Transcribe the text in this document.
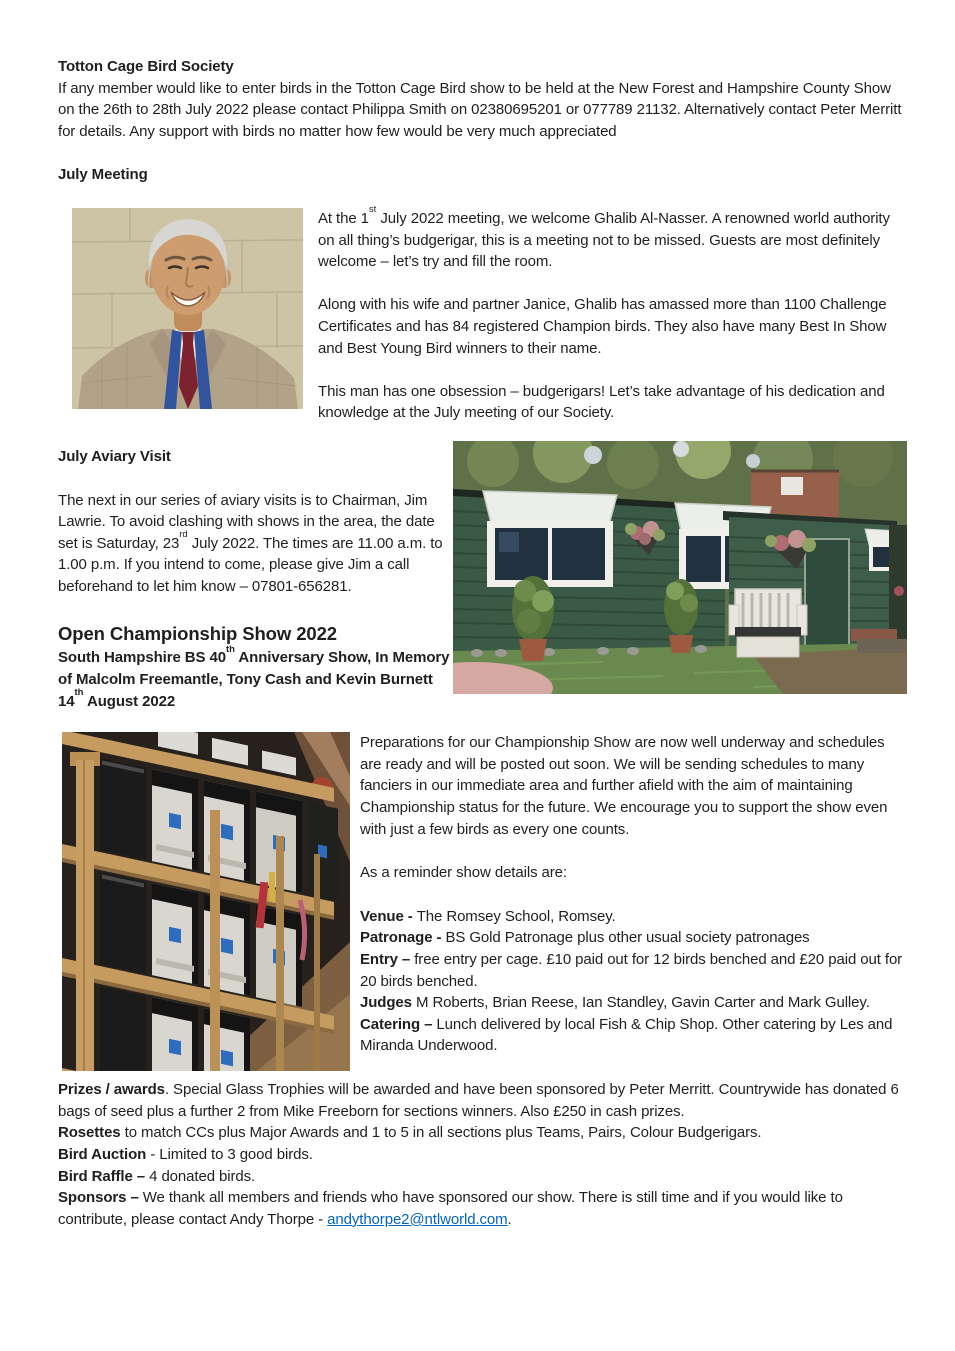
Totton Cage Bird Society

If any member would like to enter birds in the Totton Cage Bird show to be held at the New Forest and Hampshire County Show on the 26th to 28th July 2022 please contact Philippa Smith on 02380695201 or 077789 21132. Alternatively contact Peter Merritt for details. Any support with birds no matter how few would be very much appreciated

July Meeting

At the 1st July 2022 meeting, we welcome Ghalib Al-Nasser. A renowned world authority on all thing’s budgerigar, this is a meeting not to be missed. Guests are most definitely welcome – let’s try and fill the room.

Along with his wife and partner Janice, Ghalib has amassed more than 1100 Challenge Certificates and has 84 registered Champion birds. They also have many Best In Show and Best Young Bird winners to their name.

This man has one obsession – budgerigars! Let’s take advantage of his dedication and knowledge at the July meeting of our Society.

July Aviary Visit

The next in our series of aviary visits is to Chairman, Jim Lawrie. To avoid clashing with shows in the area, the date set is Saturday, 23rd July 2022. The times are 11.00 a.m. to 1.00 p.m. If you intend to come, please give Jim a call beforehand to let him know – 07801-656281.

Open Championship Show 2022

South Hampshire BS 40th Anniversary Show, In Memory of Malcolm Freemantle, Tony Cash and Kevin Burnett

14th August 2022

Preparations for our Championship Show are now well underway and schedules are ready and will be posted out soon. We will be sending schedules to many fanciers in our immediate area and further afield with the aim of maintaining Championship status for the future. We encourage you to support the show even with just a few birds as every one counts.

As a reminder show details are:

Venue - The Romsey School, Romsey.

Patronage - BS Gold Patronage plus other usual society patronages

Entry – free entry per cage. £10 paid out for 12 birds benched and £20 paid out for 20 birds benched.

Judges M Roberts, Brian Reese, Ian Standley, Gavin Carter and Mark Gulley.

Catering – Lunch delivered by local Fish & Chip Shop. Other catering by Les and Miranda Underwood.

Prizes / awards. Special Glass Trophies will be awarded and have been sponsored by Peter Merritt. Countrywide has donated 6 bags of seed plus a further 2 from Mike Freeborn for sections winners. Also £250 in cash prizes.

Rosettes to match CCs plus Major Awards and 1 to 5 in all sections plus Teams, Pairs, Colour Budgerigars.

Bird Auction - Limited to 3 good birds.

Bird Raffle – 4 donated birds.

Sponsors – We thank all members and friends who have sponsored our show. There is still time and if you would like to contribute, please contact Andy Thorpe - andythorpe2@ntlworld.com.
